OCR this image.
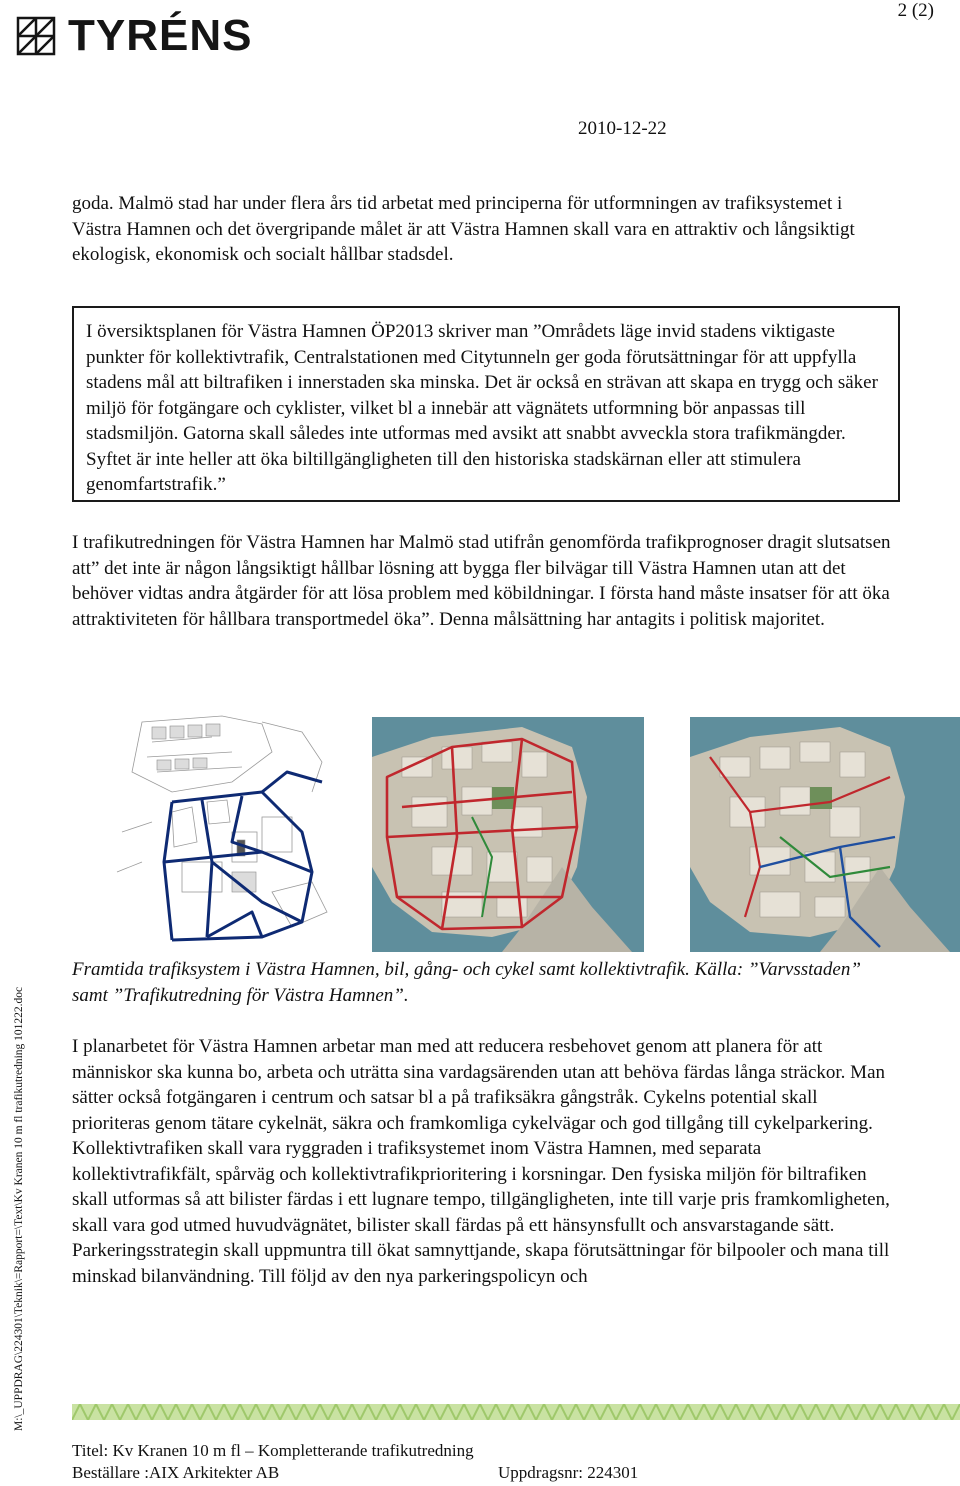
2 (2)
TYRÉNS
2010-12-22

goda. Malmö stad har under flera års tid arbetat med principerna för utformningen av trafiksystemet i Västra Hamnen och det övergripande målet är att Västra Hamnen skall vara en attraktiv och långsiktigt ekologisk, ekonomisk och socialt hållbar stadsdel.

I översiktsplanen för Västra Hamnen ÖP2013 skriver man ”Områdets läge invid stadens viktigaste punkter för kollektivtrafik, Centralstationen med Citytunneln ger goda förutsättningar för att uppfylla stadens mål att biltrafiken i innerstaden ska minska. Det är också en strävan att skapa en trygg och säker miljö för fotgängare och cyklister, vilket bl a innebär att vägnätets utformning bör anpassas till stadsmiljön. Gatorna skall således inte utformas med avsikt att snabbt avveckla stora trafikmängder. Syftet är inte heller att öka biltillgängligheten till den historiska stadskärnan eller att stimulera genomfartstrafik.”

I trafikutredningen för Västra Hamnen har Malmö stad utifrån genomförda trafikprognoser dragit slutsatsen att” det inte är någon långsiktigt hållbar lösning att bygga fler bilvägar till Västra Hamnen utan att det behöver vidtas andra åtgärder för att lösa problem med köbildningar. I första hand måste insatser för att öka attraktiviteten för hållbara transportmedel öka”. Denna målsättning har antagits i politisk majoritet.

Framtida trafiksystem i Västra Hamnen, bil, gång- och cykel samt kollektivtrafik. Källa: ”Varvsstaden” samt ”Trafikutredning för Västra Hamnen”.

I planarbetet för Västra Hamnen arbetar man med att reducera resbehovet genom att planera för att människor ska kunna bo, arbeta och uträtta sina vardagsärenden utan att behöva färdas långa sträckor. Man sätter också fotgängaren i centrum och satsar bl a på trafiksäkra gångstråk. Cykelns potential skall prioriteras genom tätare cykelnät, säkra och framkomliga cykelvägar och god tillgång till cykelparkering. Kollektivtrafiken skall vara ryggraden i trafiksystemet inom Västra Hamnen, med separata kollektivtrafikfält, spårväg och kollektivtrafikprioritering i korsningar. Den fysiska miljön för biltrafiken skall utformas så att bilister färdas i ett lugnare tempo, tillgängligheten, inte till varje pris framkomligheten, skall vara god utmed huvudvägnätet, bilister skall färdas på ett hänsynsfullt och ansvarstagande sätt. Parkeringsstrategin skall uppmuntra till ökat samnyttjande, skapa förutsättningar för bilpooler och mana till minskad bilanvändning. Till följd av den nya parkeringspolicyn och

M:\_UPPDRAG\224301\Teknik\=Rapport=\Text\Kv Kranen 10 m fl trafikutredning 101222.doc
Titel: Kv Kranen 10 m fl – Kompletterande trafikutredning
Beställare :AIX Arkitekter AB	Uppdragsnr: 224301
